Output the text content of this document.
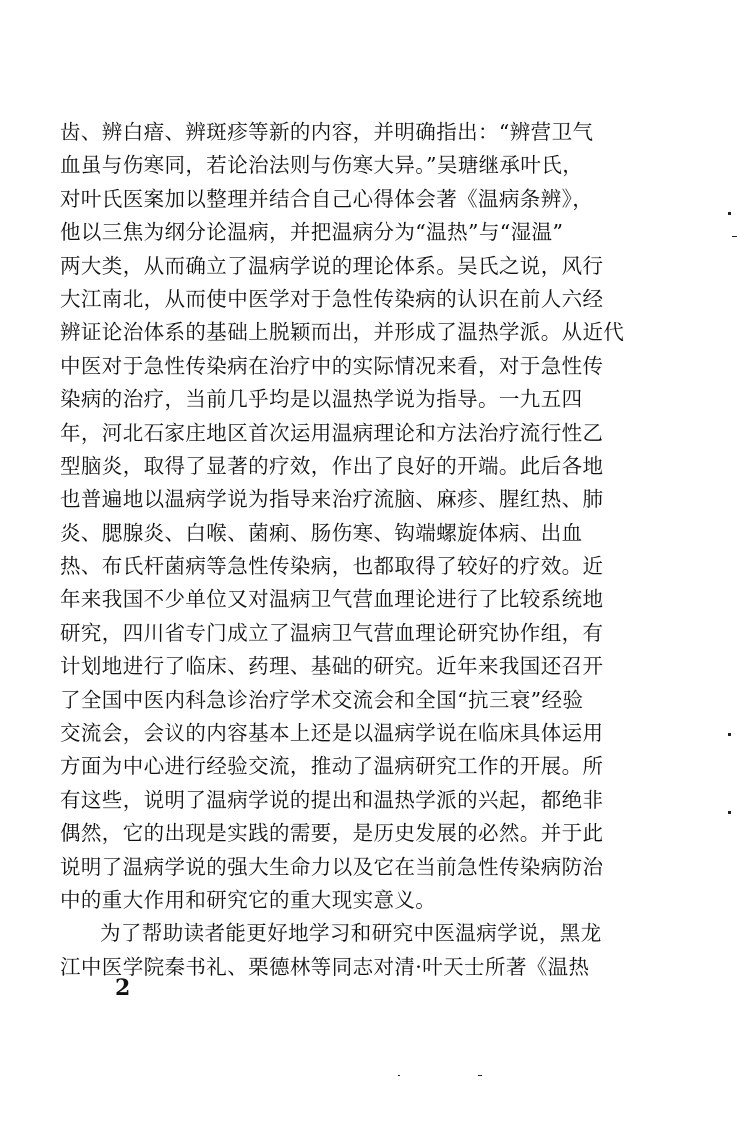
齿、辨白瘖、辨斑疹等新的内容，并明确指出：“辨营卫气
血虽与伤寒同，若论治法则与伤寒大异。”吴瑭继承叶氏，
对叶氏医案加以整理并结合自己心得体会著《温病条辨》，
他以三焦为纲分论温病，并把温病分为“温热”与“湿温”
两大类，从而确立了温病学说的理论体系。吴氏之说，风行
大江南北，从而使中医学对于急性传染病的认识在前人六经
辨证论治体系的基础上脱颖而出，并形成了温热学派。从近代
中医对于急性传染病在治疗中的实际情况来看，对于急性传
染病的治疗，当前几乎均是以温热学说为指导。一九五四
年，河北石家庄地区首次运用温病理论和方法治疗流行性乙
型脑炎，取得了显著的疗效，作出了良好的开端。此后各地
也普遍地以温病学说为指导来治疗流脑、麻疹、腥红热、肺
炎、腮腺炎、白喉、菌痢、肠伤寒、钩端螺旋体病、出血
热、布氏杆菌病等急性传染病，也都取得了较好的疗效。近
年来我国不少单位又对温病卫气营血理论进行了比较系统地
研究，四川省专门成立了温病卫气营血理论研究协作组，有
计划地进行了临床、药理、基础的研究。近年来我国还召开
了全国中医内科急诊治疗学术交流会和全国“抗三衰”经验
交流会，会议的内容基本上还是以温病学说在临床具体运用
方面为中心进行经验交流，推动了温病研究工作的开展。所
有这些，说明了温病学说的提出和温热学派的兴起，都绝非
偶然，它的出现是实践的需要，是历史发展的必然。并于此
说明了温病学说的强大生命力以及它在当前急性传染病防治
中的重大作用和研究它的重大现实意义。
为了帮助读者能更好地学习和研究中医温病学说，黑龙
江中医学院秦书礼、栗德林等同志对清·叶天士所著《温热
2
